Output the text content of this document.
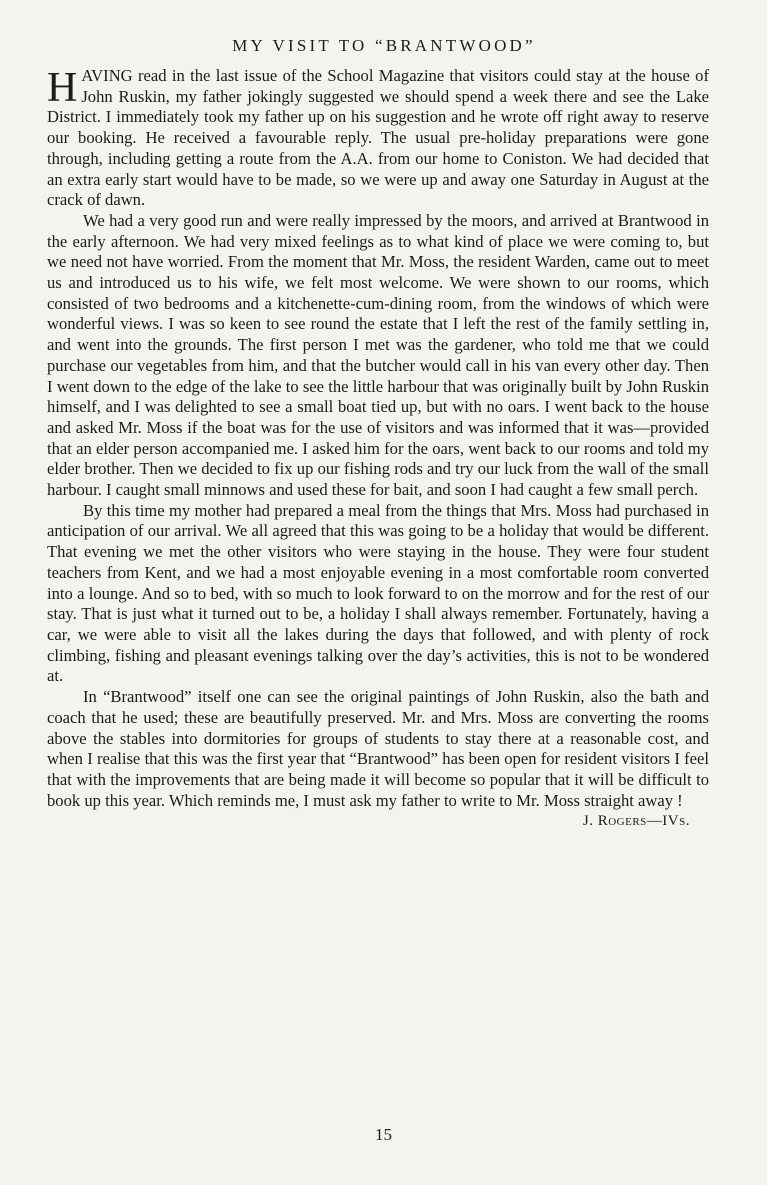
MY VISIT TO “BRANTWOOD”

HAVING read in the last issue of the School Magazine that visitors could stay at the house of John Ruskin, my father jokingly suggested we should spend a week there and see the Lake District. I immediately took my father up on his suggestion and he wrote off right away to reserve our booking. He received a favourable reply. The usual pre-holiday preparations were gone through, including getting a route from the A.A. from our home to Coniston. We had decided that an extra early start would have to be made, so we were up and away one Saturday in August at the crack of dawn.

We had a very good run and were really impressed by the moors, and arrived at Brantwood in the early afternoon. We had very mixed feelings as to what kind of place we were coming to, but we need not have worried. From the moment that Mr. Moss, the resident Warden, came out to meet us and introduced us to his wife, we felt most welcome. We were shown to our rooms, which consisted of two bedrooms and a kitchenette-cum-dining room, from the windows of which were wonderful views. I was so keen to see round the estate that I left the rest of the family settling in, and went into the grounds. The first person I met was the gardener, who told me that we could purchase our vegetables from him, and that the butcher would call in his van every other day. Then I went down to the edge of the lake to see the little harbour that was originally built by John Ruskin himself, and I was delighted to see a small boat tied up, but with no oars. I went back to the house and asked Mr. Moss if the boat was for the use of visitors and was informed that it was—provided that an elder person accompanied me. I asked him for the oars, went back to our rooms and told my elder brother. Then we decided to fix up our fishing rods and try our luck from the wall of the small harbour. I caught small minnows and used these for bait, and soon I had caught a few small perch.

By this time my mother had prepared a meal from the things that Mrs. Moss had purchased in anticipation of our arrival. We all agreed that this was going to be a holiday that would be different. That evening we met the other visitors who were staying in the house. They were four student teachers from Kent, and we had a most enjoyable evening in a most comfortable room converted into a lounge. And so to bed, with so much to look forward to on the morrow and for the rest of our stay. That is just what it turned out to be, a holiday I shall always remember. Fortunately, having a car, we were able to visit all the lakes during the days that followed, and with plenty of rock climbing, fishing and pleasant evenings talking over the day’s activities, this is not to be wondered at.

In “Brantwood” itself one can see the original paintings of John Ruskin, also the bath and coach that he used; these are beautifully preserved. Mr. and Mrs. Moss are converting the rooms above the stables into dormitories for groups of students to stay there at a reasonable cost, and when I realise that this was the first year that “Brantwood” has been open for resident visitors I feel that with the improvements that are being made it will become so popular that it will be difficult to book up this year. Which reminds me, I must ask my father to write to Mr. Moss straight away !

J. Rogers—IVs.

15
